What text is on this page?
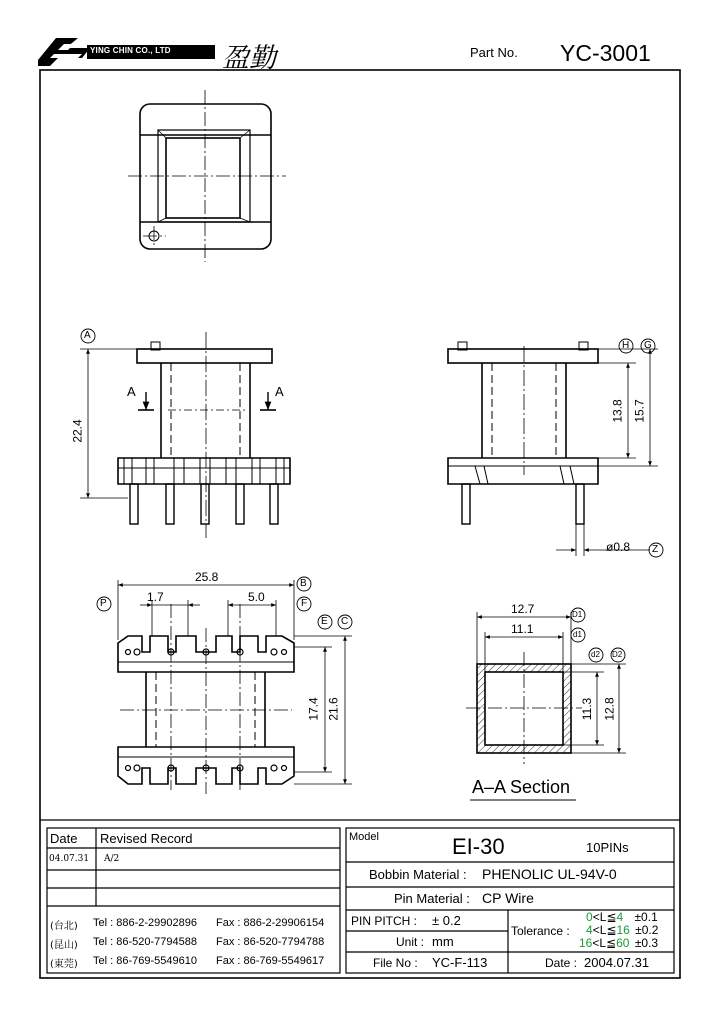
YING CHIN CO., LTD 盈勤	Part No. YC-3001
A	A
22.4
13.8 15.7
ø0.8
25.8
1.7	5.0
17.4 21.6
12.7
11.1
11.3 12.8
A–A Section
A
H G
Z
B
P	F
E C
D1
d1
d2 D2
Date Revised Record
04.07.31 A/2
(台北) Tel : 886-2-29902896 Fax : 886-2-29906154
(昆山) Tel : 86-520-7794588 Fax : 86-520-7794788
(東莞) Tel : 86-769-5549610 Fax : 86-769-5549617
Model	EI-30	10PINs
Bobbin Material : PHENOLIC UL-94V-0
Pin Material : CP Wire
PIN PITCH : ± 0.2
Unit : mm
File No : YC-F-113
Tolerance :
0<L≦4 ±0.1
4<L≦16 ±0.2
16<L≦60 ±0.3
Date : 2004.07.31
